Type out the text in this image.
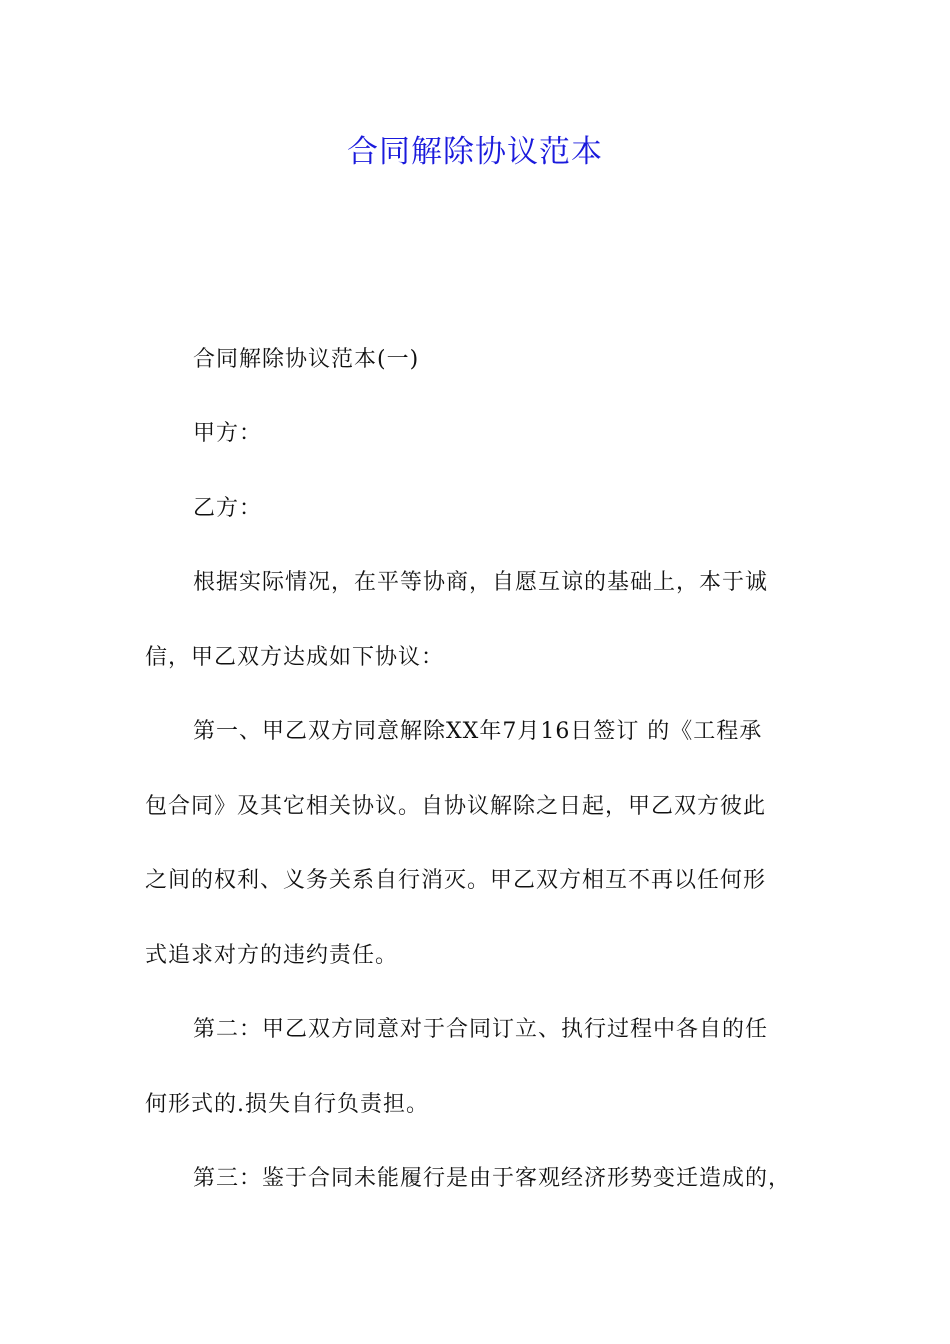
合同解除协议范本
合同解除协议范本(一)
甲方：
乙方：
根据实际情况，在平等协商，自愿互谅的基础上，本于诚
信，甲乙双方达成如下协议：
第一、甲乙双方同意解除XX年7月16日签订 的《工程承
包合同》及其它相关协议。自协议解除之日起，甲乙双方彼此
之间的权利、义务关系自行消灭。甲乙双方相互不再以任何形
式追求对方的违约责任。
第二：甲乙双方同意对于合同订立、执行过程中各自的任
何形式的.损失自行负责担。
第三：鉴于合同未能履行是由于客观经济形势变迁造成的，
